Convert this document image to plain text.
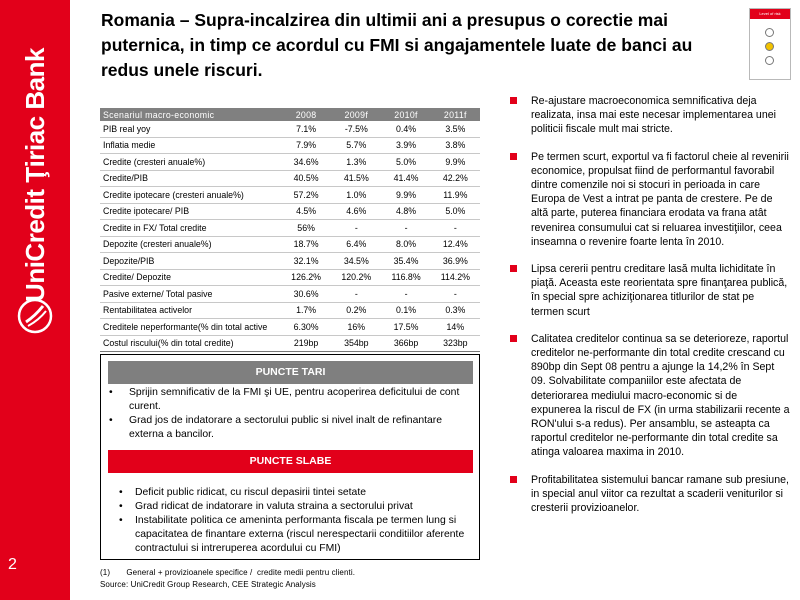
UniCredit Ţiriac Bank
2
Romania – Supra-incalzirea din ultimii ani a presupus o corectie mai puternica, in timp ce acordul cu FMI si angajamentele luate de banci au redus unele riscuri.
Level of risk
Scenariul macro-economic	2008	2009f	2010f	2011f
PIB real yoy	7.1%	-7.5%	0.4%	3.5%
Inflatia medie	7.9%	5.7%	3.9%	3.8%
Credite (cresteri anuale%)	34.6%	1.3%	5.0%	9.9%
Credite/PIB	40.5%	41.5%	41.4%	42.2%
Credite ipotecare (cresteri anuale%)	57.2%	1.0%	9.9%	11.9%
Credite ipotecare/ PIB	4.5%	4.6%	4.8%	5.0%
Credite in FX/ Total credite	56%	-	-	-
Depozite (cresteri anuale%)	18.7%	6.4%	8.0%	12.4%
Depozite/PIB	32.1%	34.5%	35.4%	36.9%
Credite/ Depozite	126.2%	120.2%	116.8%	114.2%
Pasive externe/ Total pasive	30.6%	-	-	-
Rentabilitatea activelor	1.7%	0.2%	0.1%	0.3%
Creditele neperformante(% din total active	6.30%	16%	17.5%	14%
Costul riscului(% din total credite)	219bp	354bp	366bp	323bp
PUNCTE TARI
• Sprijin semnificativ de la FMI şi UE, pentru acoperirea deficitului de cont curent.
• Grad jos de indatorare a sectorului public si nivel inalt de refinantare externa a bancilor.
PUNCTE SLABE
• Deficit public ridicat, cu riscul depasirii tintei setate
• Grad ridicat de indatorare in valuta straina a sectorului privat
• Instabilitate politica ce ameninta performanta fiscala pe termen lung si capacitatea de finantare externa (riscul nerespectarii conditiilor aferente contractului si intreruperea acordului cu FMI)
(1)       General + provizioanele specifice /  credite medii pentru clienti.
Source: UniCredit Group Research, CEE Strategic Analysis
Re-ajustare macroeconomica semnificativa deja realizata, insa mai este necesar implementarea unei politicii fiscale mult mai stricte.
Pe termen scurt, exportul va fi factorul cheie al revenirii economice, propulsat fiind de performantul favorabil dintre comenzile noi si stocuri in perioada in care Europa de Vest a intrat pe panta de crestere. Pe de altă parte, puterea financiara erodata va frana atât revenirea consumului cat si reluarea investiţiilor, ceea inseamna o revenire foarte lenta în 2010.
Lipsa cererii pentru creditare lasă multa lichiditate în piaţă. Aceasta este reorientata spre finanţarea publică, în special spre achiziţionarea titlurilor de stat pe termen scurt
Calitatea creditelor continua sa se deterioreze, raportul creditelor ne-performante din total credite crescand cu 890bp din Sept 08 pentru a ajunge la 14,2% în Sept 09. Solvabilitate companiilor este afectata de deteriorarea mediului macro-economic si de expunerea la riscul de FX (in urma stabilizarii recente a RON'ului s-a redus). Per ansamblu, se asteapta ca raportul creditelor ne-performante din total credite sa atinga valoarea maxima in 2010.
Profitabilitatea sistemului bancar ramane sub presiune, in special anul viitor ca rezultat a scaderii veniturilor si cresterii provizioanelor.
